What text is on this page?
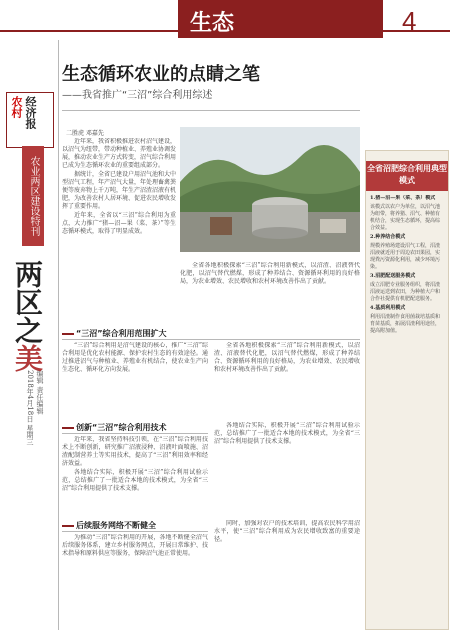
生态	4
农村 经济报
农业两区建设特刊
两区之美
2018年4月18日 星期三 编辑 责任编辑
生态循环农业的点睛之笔
——我省推广“三沼”综合利用综述
二胜虎 邓嘉先

近年来，我省积极推进农村沼气建设，以沼气为纽带，带动种植业、养殖业协调发展，推动农业生产方式转变，沼气综合利用已成为生态循环农业的重要组成部分。

据统计，全省已建设户用沼气池和大中型沼气工程，年产沼气大量，年处理畜禽粪便等废弃物上千万吨，年生产沼渣沼液有机肥，为改善农村人居环境、促进农民增收发挥了重要作用。

近年来，全省以“三沼”综合利用为重点，大力推广“猪—沼—果（菜、茶）”等生态循环模式，取得了明显成效。

全省各地积极探索“三沼”综合利用新模式，以沼渣、沼液替代化肥，以沼气替代燃煤，形成了种养结合、资源循环利用的良好格局，为农业增效、农民增收和农村环境改善作出了贡献。

“三沼”综合利用范围扩大

“三沼”综合利用是沼气建设的核心，推广“三沼”综合利用是优化农村能源、保护农村生态的有效途径。通过推进沼气与种植业、养殖业有机结合，使农业生产向生态化、循环化方向发展。

全省各地积极探索“三沼”综合利用新模式，以沼渣、沼液替代化肥，以沼气替代燃煤，形成了种养结合、资源循环利用的良好格局，为农业增效、农民增收和农村环境改善作出了贡献。

创新“三沼”综合利用技术

近年来，我省坚持科技引领，在“三沼”综合利用技术上不断创新，研究推广沼液浸种、沼液叶面喷施、沼渣配制营养土等实用技术，提高了“三沼”利用效率和经济效益。

各地结合实际，积极开展“三沼”综合利用试验示范，总结推广了一批适合本地的技术模式，为全省“三沼”综合利用提供了技术支撑。

各地结合实际，积极开展“三沼”综合利用试验示范，总结推广了一批适合本地的技术模式，为全省“三沼”综合利用提供了技术支撑。

后续服务网络不断健全

为推动“三沼”综合利用的开展，各地不断健全沼气后续服务体系，建立乡村服务网点，开展日常维护、技术指导和原料供应等服务，保障沼气池正常使用。

同时，加强对农户的技术培训，提高农民科学用沼水平，使“三沼”综合利用成为农民增收致富的重要途径。

全省沼肥综合利用典型模式

1.猪—沼—果（菜、茶）模式

该模式以农户为单位，以沼气池为纽带，将养猪、沼气、种植有机结合，实现生态循环，提高综合效益。

2.种养结合模式

规模养殖场建设沼气工程，沼渣沼液就近用于周边农田果园，实现粪污资源化利用，减少环境污染。

3.沼肥配送服务模式

成立沼肥专业服务组织，将沼渣沼液运送到农田，为种植大户和合作社提供有机肥配送服务。

4.基质利用模式

利用沼渣制作食用菌栽培基质和育苗基质，拓展沼渣利用途径，提高附加值。
